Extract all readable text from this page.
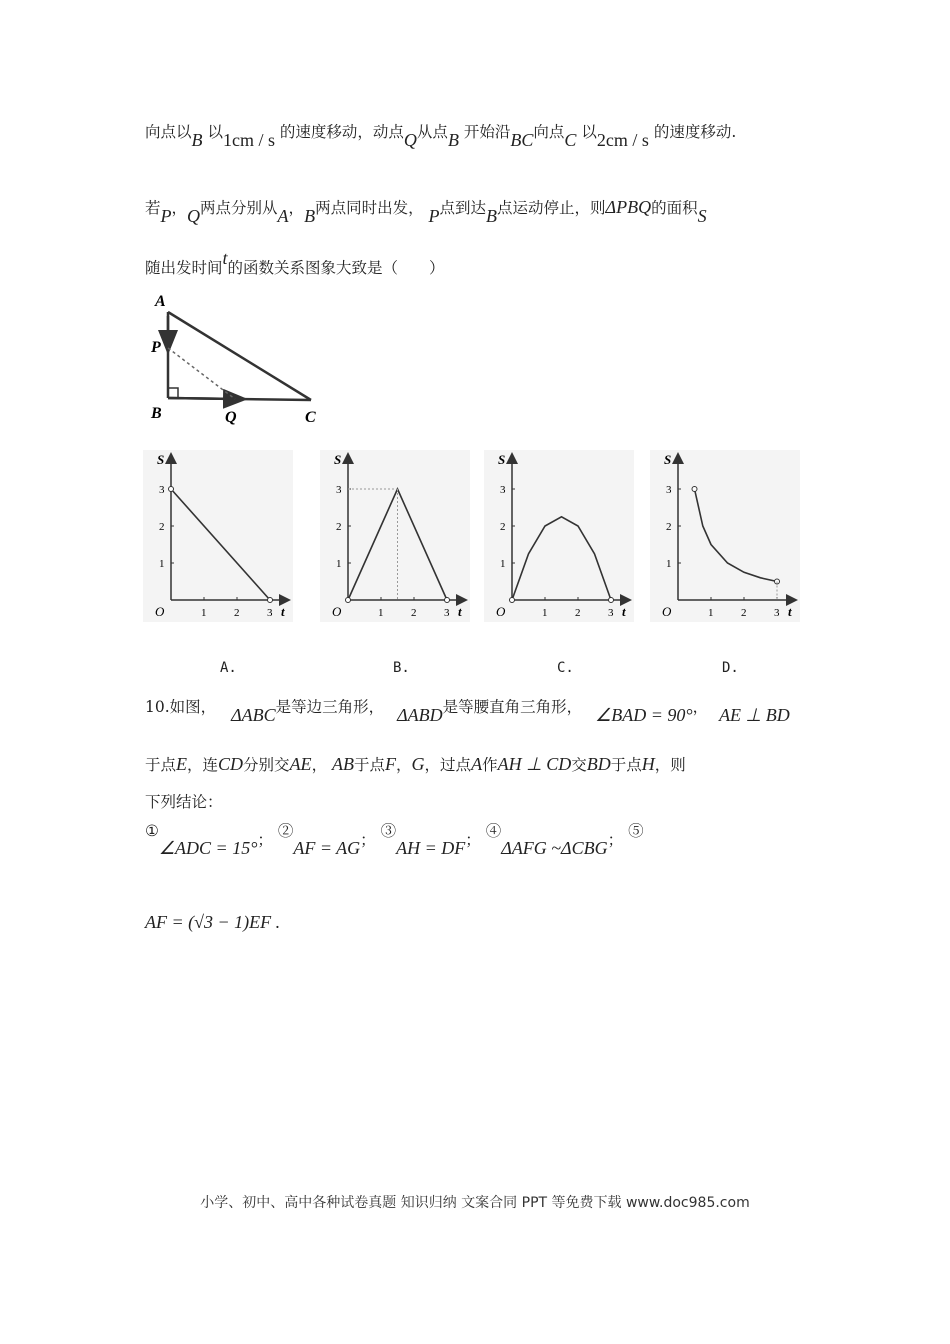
向点以B 以1cm / s 的速度移动，动点Q从点B 开始沿BC向点C 以2cm / s 的速度移动.
若P，Q两点分别从A，B两点同时出发， P点到达B点运动停止，则ΔPBQ的面积S
随出发时间t的函数关系图象大致是（　　）
A
P
B	Q	C
S
t
O	1
1
2
2
3
3
S
t
O	1
1
2
2
3
3
S
t
O	1
1
2
2
3
3
S
t
O	1
1
2
2
3
3
A.	B.	C.	D.
10.如图， ΔABC是等边三角形， ΔABD是等腰直角三角形， ∠BAD = 90°， AE ⊥ BD
于点E，连CD分别交AE， AB于点F，G，过点A作AH ⊥ CD交BD于点H，则
下列结论：
①∠ADC = 15°； ②AF = AG； ③AH = DF； ④ΔAFG ~ΔCBG； ⑤
AF = (√3 − 1)EF .
小学、初中、高中各种试卷真题 知识归纳 文案合同 PPT 等免费下载 www.doc985.com
